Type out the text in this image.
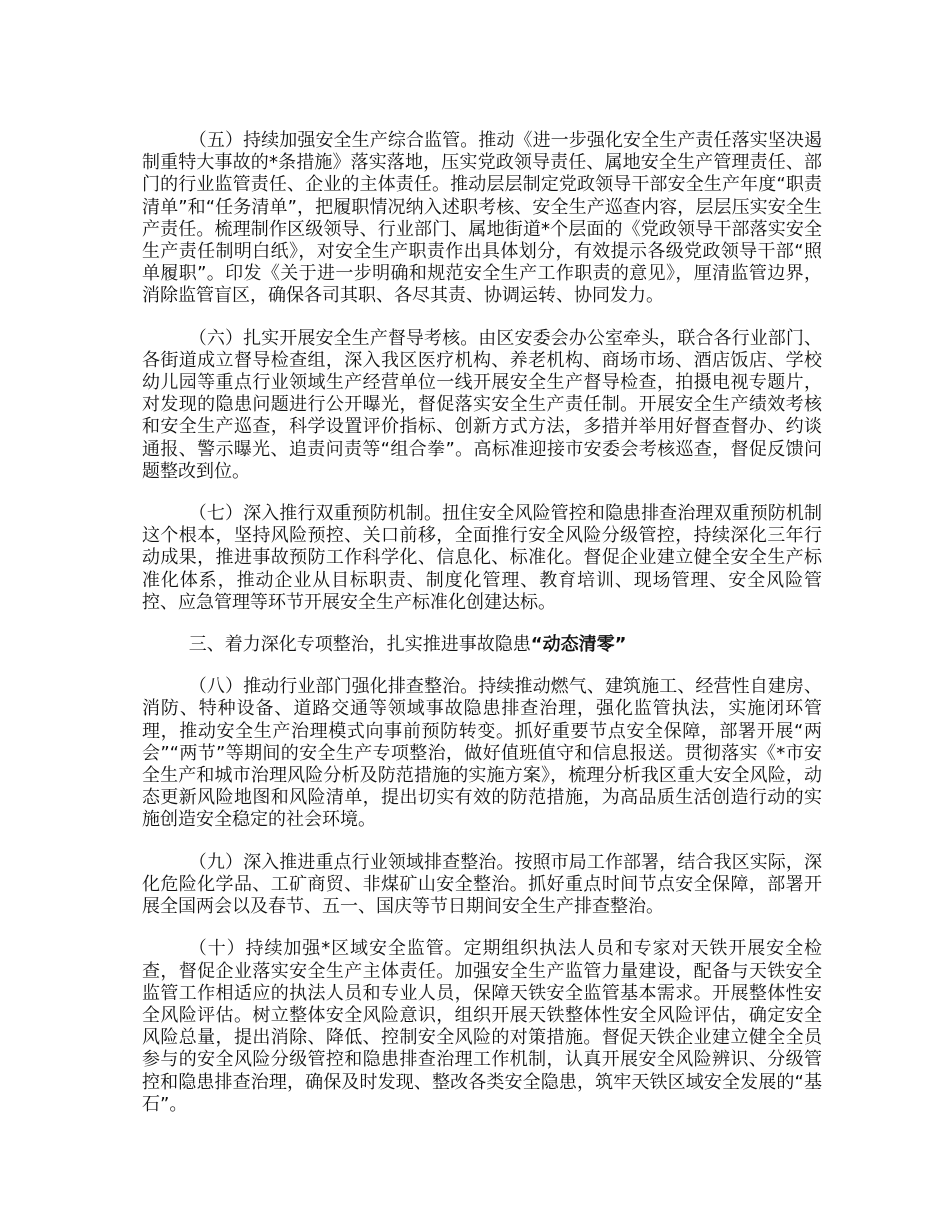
（五）持续加强安全生产综合监管。推动《进一步强化安全生产责任落实坚决遏制重特大事故的*条措施》落实落地，压实党政领导责任、属地安全生产管理责任、部门的行业监管责任、企业的主体责任。推动层层制定党政领导干部安全生产年度“职责清单”和“任务清单”，把履职情况纳入述职考核、安全生产巡查内容，层层压实安全生产责任。梳理制作区级领导、行业部门、属地街道*个层面的《党政领导干部落实安全生产责任制明白纸》，对安全生产职责作出具体划分，有效提示各级党政领导干部“照单履职”。印发《关于进一步明确和规范安全生产工作职责的意见》，厘清监管边界，消除监管盲区，确保各司其职、各尽其责、协调运转、协同发力。

（六）扎实开展安全生产督导考核。由区安委会办公室牵头，联合各行业部门、各街道成立督导检查组，深入我区医疗机构、养老机构、商场市场、酒店饭店、学校幼儿园等重点行业领域生产经营单位一线开展安全生产督导检查，拍摄电视专题片，对发现的隐患问题进行公开曝光，督促落实安全生产责任制。开展安全生产绩效考核和安全生产巡查，科学设置评价指标、创新方式方法，多措并举用好督查督办、约谈通报、警示曝光、追责问责等“组合拳”。高标准迎接市安委会考核巡查，督促反馈问题整改到位。

（七）深入推行双重预防机制。扭住安全风险管控和隐患排查治理双重预防机制这个根本，坚持风险预控、关口前移，全面推行安全风险分级管控，持续深化三年行动成果，推进事故预防工作科学化、信息化、标准化。督促企业建立健全安全生产标准化体系，推动企业从目标职责、制度化管理、教育培训、现场管理、安全风险管控、应急管理等环节开展安全生产标准化创建达标。

三、着力深化专项整治，扎实推进事故隐患“动态清零”

（八）推动行业部门强化排查整治。持续推动燃气、建筑施工、经营性自建房、消防、特种设备、道路交通等领域事故隐患排查治理，强化监管执法，实施闭环管理，推动安全生产治理模式向事前预防转变。抓好重要节点安全保障，部署开展“两会”“两节”等期间的安全生产专项整治，做好值班值守和信息报送。贯彻落实《*市安全生产和城市治理风险分析及防范措施的实施方案》，梳理分析我区重大安全风险，动态更新风险地图和风险清单，提出切实有效的防范措施，为高品质生活创造行动的实施创造安全稳定的社会环境。

（九）深入推进重点行业领域排查整治。按照市局工作部署，结合我区实际，深化危险化学品、工矿商贸、非煤矿山安全整治。抓好重点时间节点安全保障，部署开展全国两会以及春节、五一、国庆等节日期间安全生产排查整治。

（十）持续加强*区域安全监管。定期组织执法人员和专家对天铁开展安全检查，督促企业落实安全生产主体责任。加强安全生产监管力量建设，配备与天铁安全监管工作相适应的执法人员和专业人员，保障天铁安全监管基本需求。开展整体性安全风险评估。树立整体安全风险意识，组织开展天铁整体性安全风险评估，确定安全风险总量，提出消除、降低、控制安全风险的对策措施。督促天铁企业建立健全全员参与的安全风险分级管控和隐患排查治理工作机制，认真开展安全风险辨识、分级管控和隐患排查治理，确保及时发现、整改各类安全隐患，筑牢天铁区域安全发展的“基石”。
